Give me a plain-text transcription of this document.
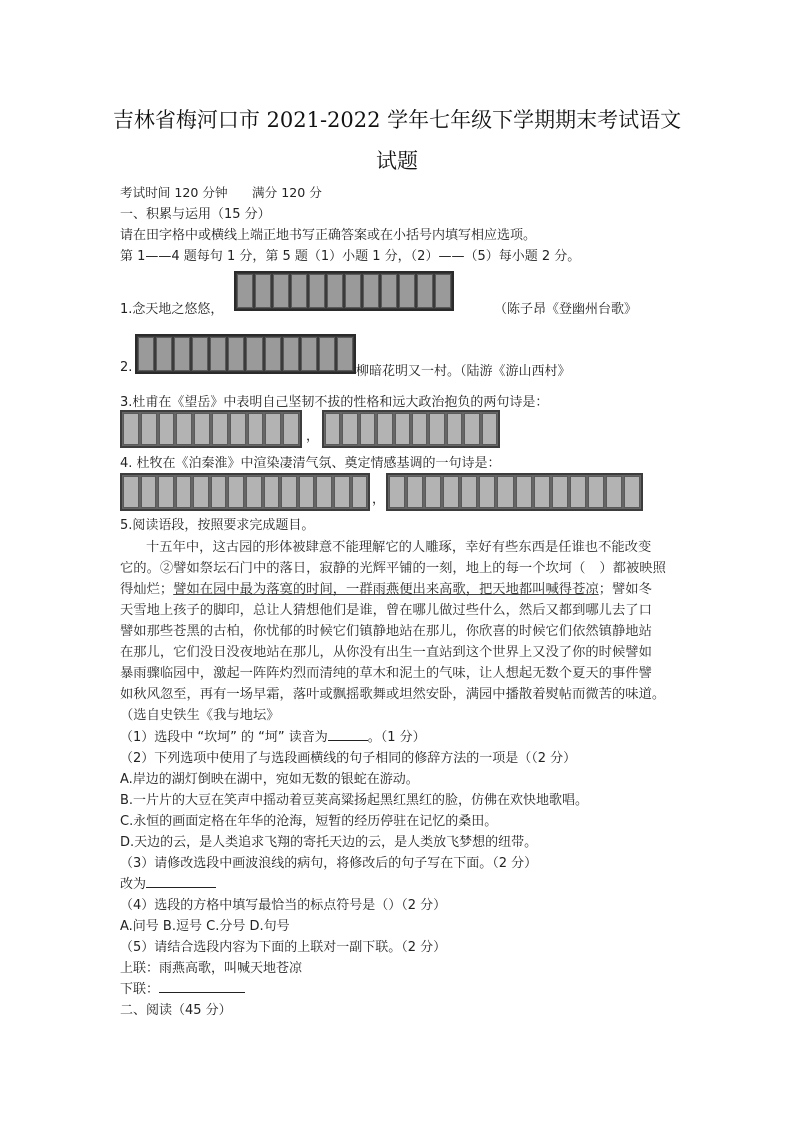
吉林省梅河口市 2021-2022 学年七年级下学期期末考试语文
试题
考试时间 120 分钟 满分 120 分
一、积累与运用（15 分）
请在田字格中或横线上端正地书写正确答案或在小括号内填写相应选项。
第 1——4 题每句 1 分，第 5 题（1）小题 1 分，（2）——（5）每小题 2 分。
1.念天地之悠悠，	（陈子昂《登幽州台歌》
2.	柳暗花明又一村。（陆游《游山西村》
3.杜甫在《望岳》中表明自己坚韧不拔的性格和远大政治抱负的两句诗是：
，
4. 杜牧在《泊秦淮》中渲染凄清气氛、奠定情感基调的一句诗是：
，
5.阅读语段，按照要求完成题目。
十五年中，这古园的形体被肆意不能理解它的人雕琢，幸好有些东西是任谁也不能改变
它的。②譬如祭坛石门中的落日，寂静的光辉平铺的一刻，地上的每一个坎坷（ ）都被映照
得灿烂；譬如在园中最为落寞的时间，一群雨燕便出来高歌，把天地都叫喊得苍凉；譬如冬
天雪地上孩子的脚印，总让人猜想他们是谁，曾在哪儿做过些什么，然后又都到哪儿去了口
譬如那些苍黑的古柏，你忧郁的时候它们镇静地站在那儿，你欣喜的时候它们依然镇静地站
在那儿，它们没日没夜地站在那儿，从你没有出生一直站到这个世界上又没了你的时候譬如
暴雨骤临园中，激起一阵阵灼烈而清纯的草木和泥土的气味，让人想起无数个夏天的事件譬
如秋风忽至，再有一场早霜，落叶或飘摇歌舞或坦然安卧，满园中播散着熨帖而微苦的味道。
（选自史铁生《我与地坛》
（1）选段中 “坎坷” 的 “坷” 读音为	。（1 分）
（2）下列选项中使用了与选段画横线的句子相同的修辞方法的一项是（（2 分）
A.岸边的湖灯倒映在湖中，宛如无数的银蛇在游动。
B.一片片的大豆在笑声中摇动着豆荚高粱扬起黑红黑红的脸，仿佛在欢快地歌唱。
C.永恒的画面定格在年华的沧海，短暂的经历停驻在记忆的桑田。
D.天边的云，是人类追求飞翔的寄托天边的云，是人类放飞梦想的纽带。
（3）请修改选段中画波浪线的病句，将修改后的句子写在下面。（2 分）
改为
（4）选段的方格中填写最恰当的标点符号是（）（2 分）
A.问号 B.逗号 C.分号 D.句号
（5）请结合选段内容为下面的上联对一副下联。（2 分）
上联：雨燕高歌，叫喊天地苍凉
下联：
二、阅读（45 分）
